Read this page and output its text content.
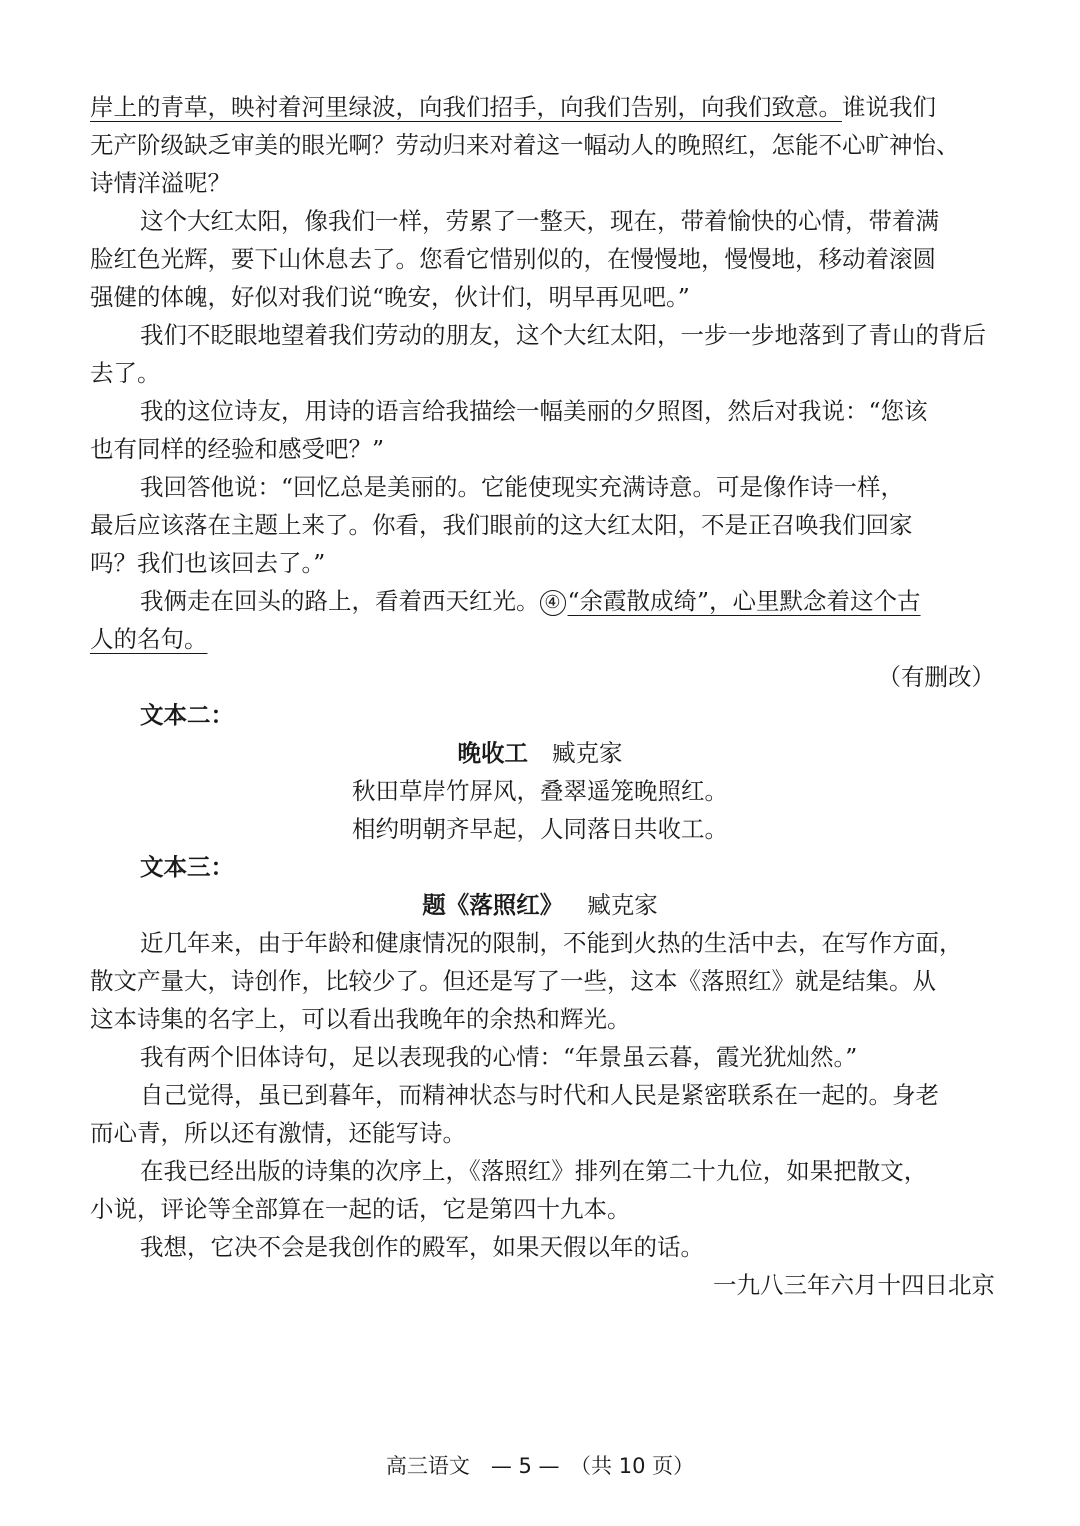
岸上的青草，映衬着河里绿波，向我们招手，向我们告别，向我们致意。谁说我们
无产阶级缺乏审美的眼光啊？劳动归来对着这一幅动人的晚照红，怎能不心旷神怡、
诗情洋溢呢？
这个大红太阳，像我们一样，劳累了一整天，现在，带着愉快的心情，带着满
脸红色光辉，要下山休息去了。您看它惜别似的，在慢慢地，慢慢地，移动着滚圆
强健的体魄，好似对我们说“晚安，伙计们，明早再见吧。”
我们不眨眼地望着我们劳动的朋友，这个大红太阳，一步一步地落到了青山的背后
去了。
我的这位诗友，用诗的语言给我描绘一幅美丽的夕照图，然后对我说：“您该
也有同样的经验和感受吧？”
我回答他说：“回忆总是美丽的。它能使现实充满诗意。可是像作诗一样，
最后应该落在主题上来了。你看，我们眼前的这大红太阳，不是正召唤我们回家
吗？我们也该回去了。”
我俩走在回头的路上，看着西天红光。 ④ “余霞散成绮”，心里默念着这个古
人的名句。
（有删改）
文本二：
晚收工 臧克家
秋田草岸竹屏风，叠翠遥笼晚照红。
相约明朝齐早起，人同落日共收工。
文本三：
题《落照红》 臧克家
近几年来，由于年龄和健康情况的限制，不能到火热的生活中去，在写作方面，
散文产量大，诗创作，比较少了。但还是写了一些，这本《落照红》就是结集。从
这本诗集的名字上，可以看出我晚年的余热和辉光。
我有两个旧体诗句，足以表现我的心情：“年景虽云暮，霞光犹灿然。”
自己觉得，虽已到暮年，而精神状态与时代和人民是紧密联系在一起的。身老
而心青，所以还有激情，还能写诗。
在我已经出版的诗集的次序上，《落照红》排列在第二十九位，如果把散文，
小说，评论等全部算在一起的话，它是第四十九本。
我想，它决不会是我创作的殿军，如果天假以年的话。
一九八三年六月十四日北京
高三语文　— 5 —　（共 10 页）
